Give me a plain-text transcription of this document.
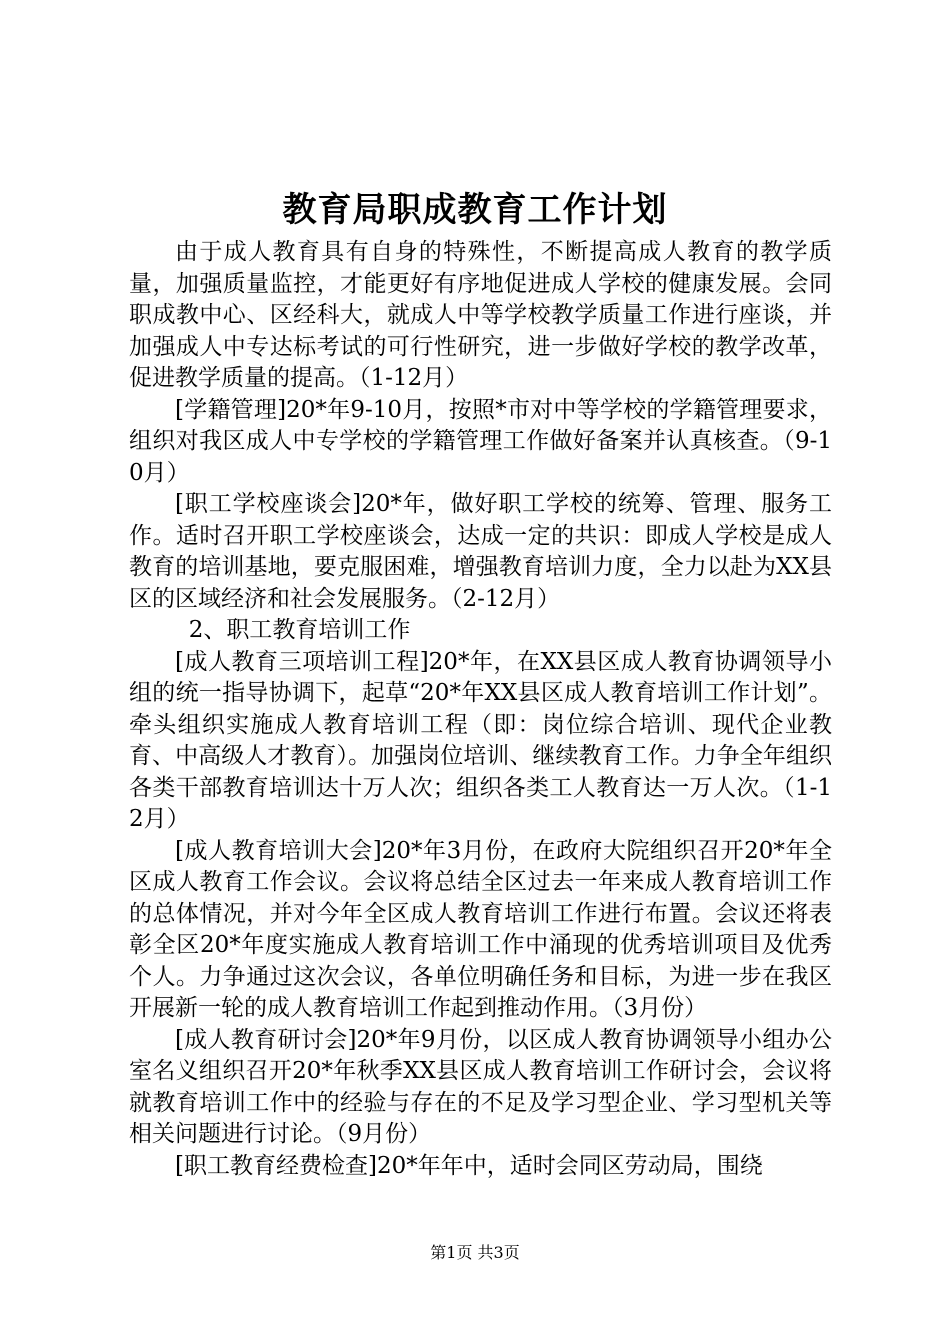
教育局职成教育工作计划

由于成人教育具有自身的特殊性，不断提高成人教育的教学质量，加强质量监控，才能更好有序地促进成人学校的健康发展。会同职成教中心、区经科大，就成人中等学校教学质量工作进行座谈，并加强成人中专达标考试的可行性研究，进一步做好学校的教学改革，促进教学质量的提高。（1-12月）

[学籍管理]20*年9-10月，按照*市对中等学校的学籍管理要求，组织对我区成人中专学校的学籍管理工作做好备案并认真核查。（9-10月）

[职工学校座谈会]20*年，做好职工学校的统筹、管理、服务工作。适时召开职工学校座谈会，达成一定的共识：即成人学校是成人教育的培训基地，要克服困难，增强教育培训力度，全力以赴为XX县区的区域经济和社会发展服务。（2-12月）

2、职工教育培训工作

[成人教育三项培训工程]20*年，在XX县区成人教育协调领导小组的统一指导协调下，起草“20*年XX县区成人教育培训工作计划”。牵头组织实施成人教育培训工程（即：岗位综合培训、现代企业教育、中高级人才教育）。加强岗位培训、继续教育工作。力争全年组织各类干部教育培训达十万人次；组织各类工人教育达一万人次。（1-12月）

[成人教育培训大会]20*年3月份，在政府大院组织召开20*年全区成人教育工作会议。会议将总结全区过去一年来成人教育培训工作的总体情况，并对今年全区成人教育培训工作进行布置。会议还将表彰全区20*年度实施成人教育培训工作中涌现的优秀培训项目及优秀个人。力争通过这次会议，各单位明确任务和目标，为进一步在我区开展新一轮的成人教育培训工作起到推动作用。（3月份）

[成人教育研讨会]20*年9月份，以区成人教育协调领导小组办公室名义组织召开20*年秋季XX县区成人教育培训工作研讨会，会议将就教育培训工作中的经验与存在的不足及学习型企业、学习型机关等相关问题进行讨论。（9月份）

[职工教育经费检查]20*年年中，适时会同区劳动局，围绕

第1页 共3页
